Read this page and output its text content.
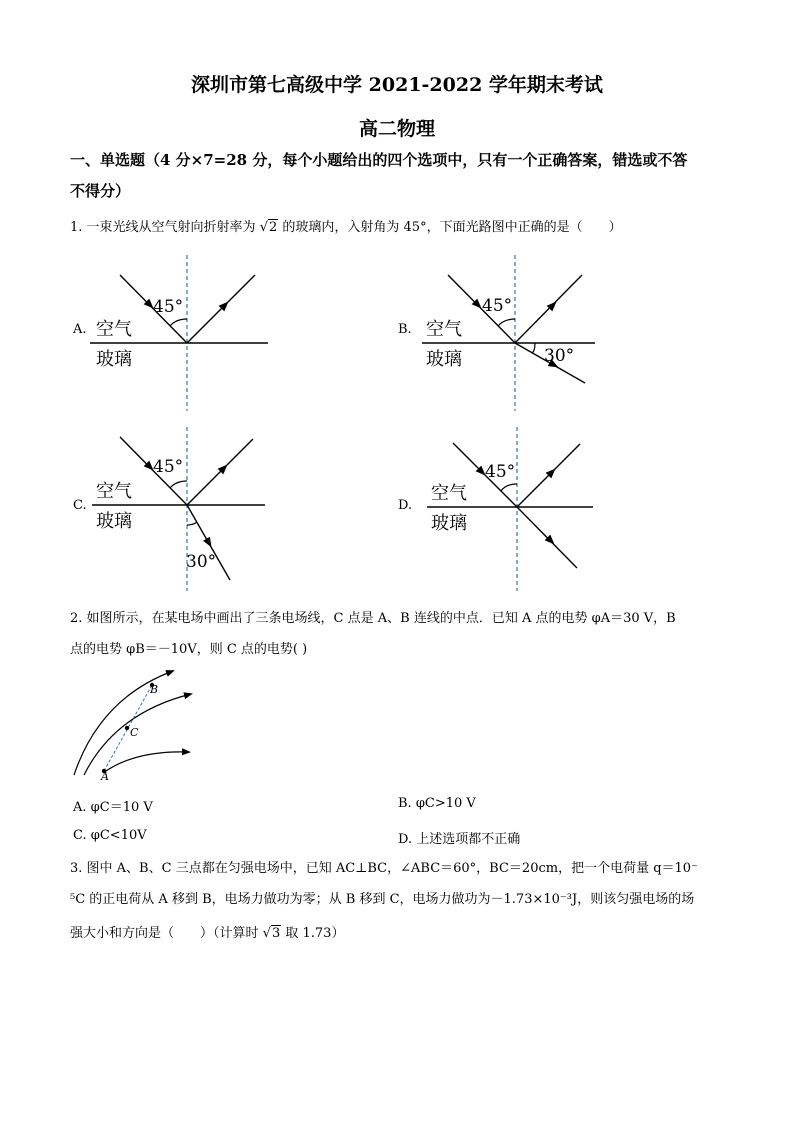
深圳市第七高级中学 2021-2022 学年期末考试
高二物理
一、单选题（4 分×7=28 分，每个小题给出的四个选项中，只有一个正确答案，错选或不答
不得分）
1. 一束光线从空气射向折射率为 √2 的玻璃内，入射角为 45°，下面光路图中正确的是（　　）
A.
45°
空气
玻璃
B.
45°
30°
空气
玻璃
C.
45°
30°
空气
玻璃
D.
45°
空气
玻璃
2. 如图所示，在某电场中画出了三条电场线，C 点是 A、B 连线的中点．已知 A 点的电势 φA＝30 V，B
点的电势 φB＝－10V，则 C 点的电势( )
A
C
B
A. φC＝10 V	B. φC>10 V
C. φC<10V	D. 上述选项都不正确
3. 图中 A、B、C 三点都在匀强电场中，已知 AC⊥BC，∠ABC＝60°，BC＝20cm，把一个电荷量 q＝10⁻
⁵C 的正电荷从 A 移到 B，电场力做功为零；从 B 移到 C，电场力做功为－1.73×10⁻³J，则该匀强电场的场
强大小和方向是（　　）（计算时 √3 取 1.73）
